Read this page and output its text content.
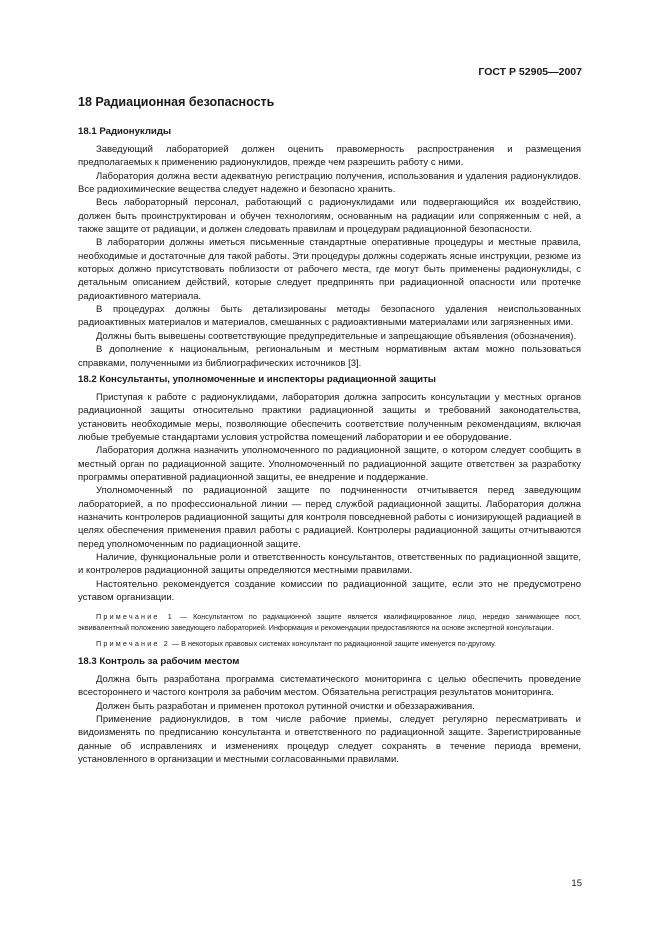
ГОСТ Р 52905—2007
18 Радиационная безопасность
18.1 Радионуклиды

Заведующий лабораторией должен оценить правомерность распространения и размещения предполагаемых к применению радионуклидов, прежде чем разрешить работу с ними.

Лаборатория должна вести адекватную регистрацию получения, использования и удаления радионуклидов. Все радиохимические вещества следует надежно и безопасно хранить.

Весь лабораторный персонал, работающий с радионуклидами или подвергающийся их воздействию, должен быть проинструктирован и обучен технологиям, основанным на радиации или сопряженным с ней, а также защите от радиации, и должен следовать правилам и процедурам радиационной безопасности.

В лаборатории должны иметься письменные стандартные оперативные процедуры и местные правила, необходимые и достаточные для такой работы. Эти процедуры должны содержать ясные инструкции, резюме из которых должно присутствовать поблизости от рабочего места, где могут быть применены радионуклиды, с детальным описанием действий, которые следует предпринять при радиационной опасности или протечке радиоактивного материала.

В процедурах должны быть детализированы методы безопасного удаления неиспользованных радиоактивных материалов и материалов, смешанных с радиоактивными материалами или загрязненных ими.

Должны быть вывешены соответствующие предупредительные и запрещающие объявления (обозначения).

В дополнение к национальным, региональным и местным нормативным актам можно пользоваться справками, полученными из библиографических источников [3].

18.2 Консультанты, уполномоченные и инспекторы радиационной защиты

Приступая к работе с радионуклидами, лаборатория должна запросить консультации у местных органов радиационной защиты относительно практики радиационной защиты и требований законодательства, установить необходимые меры, позволяющие обеспечить соответствие полученным рекомендациям, включая любые требуемые стандартами условия устройства помещений лаборатории и ее оборудование.

Лаборатория должна назначить уполномоченного по радиационной защите, о котором следует сообщить в местный орган по радиационной защите. Уполномоченный по радиационной защите ответствен за разработку программы оперативной радиационной защиты, ее внедрение и поддержание.

Уполномоченный по радиационной защите по подчиненности отчитывается перед заведующим лабораторией, а по профессиональной линии — перед службой радиационной защиты. Лаборатория должна назначить контролеров радиационной защиты для контроля повседневной работы с ионизирующей радиацией в целях обеспечения применения правил работы с радиацией. Контролеры радиационной защиты отчитываются перед уполномоченным по радиационной защите.

Наличие, функциональные роли и ответственность консультантов, ответственных по радиационной защите, и контролеров радиационной защиты определяются местными правилами.

Настоятельно рекомендуется создание комиссии по радиационной защите, если это не предусмотрено уставом организации.

Примечание 1 — Консультантом по радиационной защите является квалифицированное лицо, нередко занимающее пост, эквивалентный положению заведующего лабораторией. Информация и рекомендации предоставляются на основе экспертной консультации.

Примечание 2 — В некоторых правовых системах консультант по радиационной защите именуется по-другому.

18.3 Контроль за рабочим местом

Должна быть разработана программа систематического мониторинга с целью обеспечить проведение всестороннего и частого контроля за рабочим местом. Обязательна регистрация результатов мониторинга.

Должен быть разработан и применен протокол рутинной очистки и обеззараживания.

Применение радионуклидов, в том числе рабочие приемы, следует регулярно пересматривать и видоизменять по предписанию консультанта и ответственного по радиационной защите. Зарегистрированные данные об исправлениях и изменениях процедур следует сохранять в течение периода времени, установленного в организации и местными согласованными правилами.

15
